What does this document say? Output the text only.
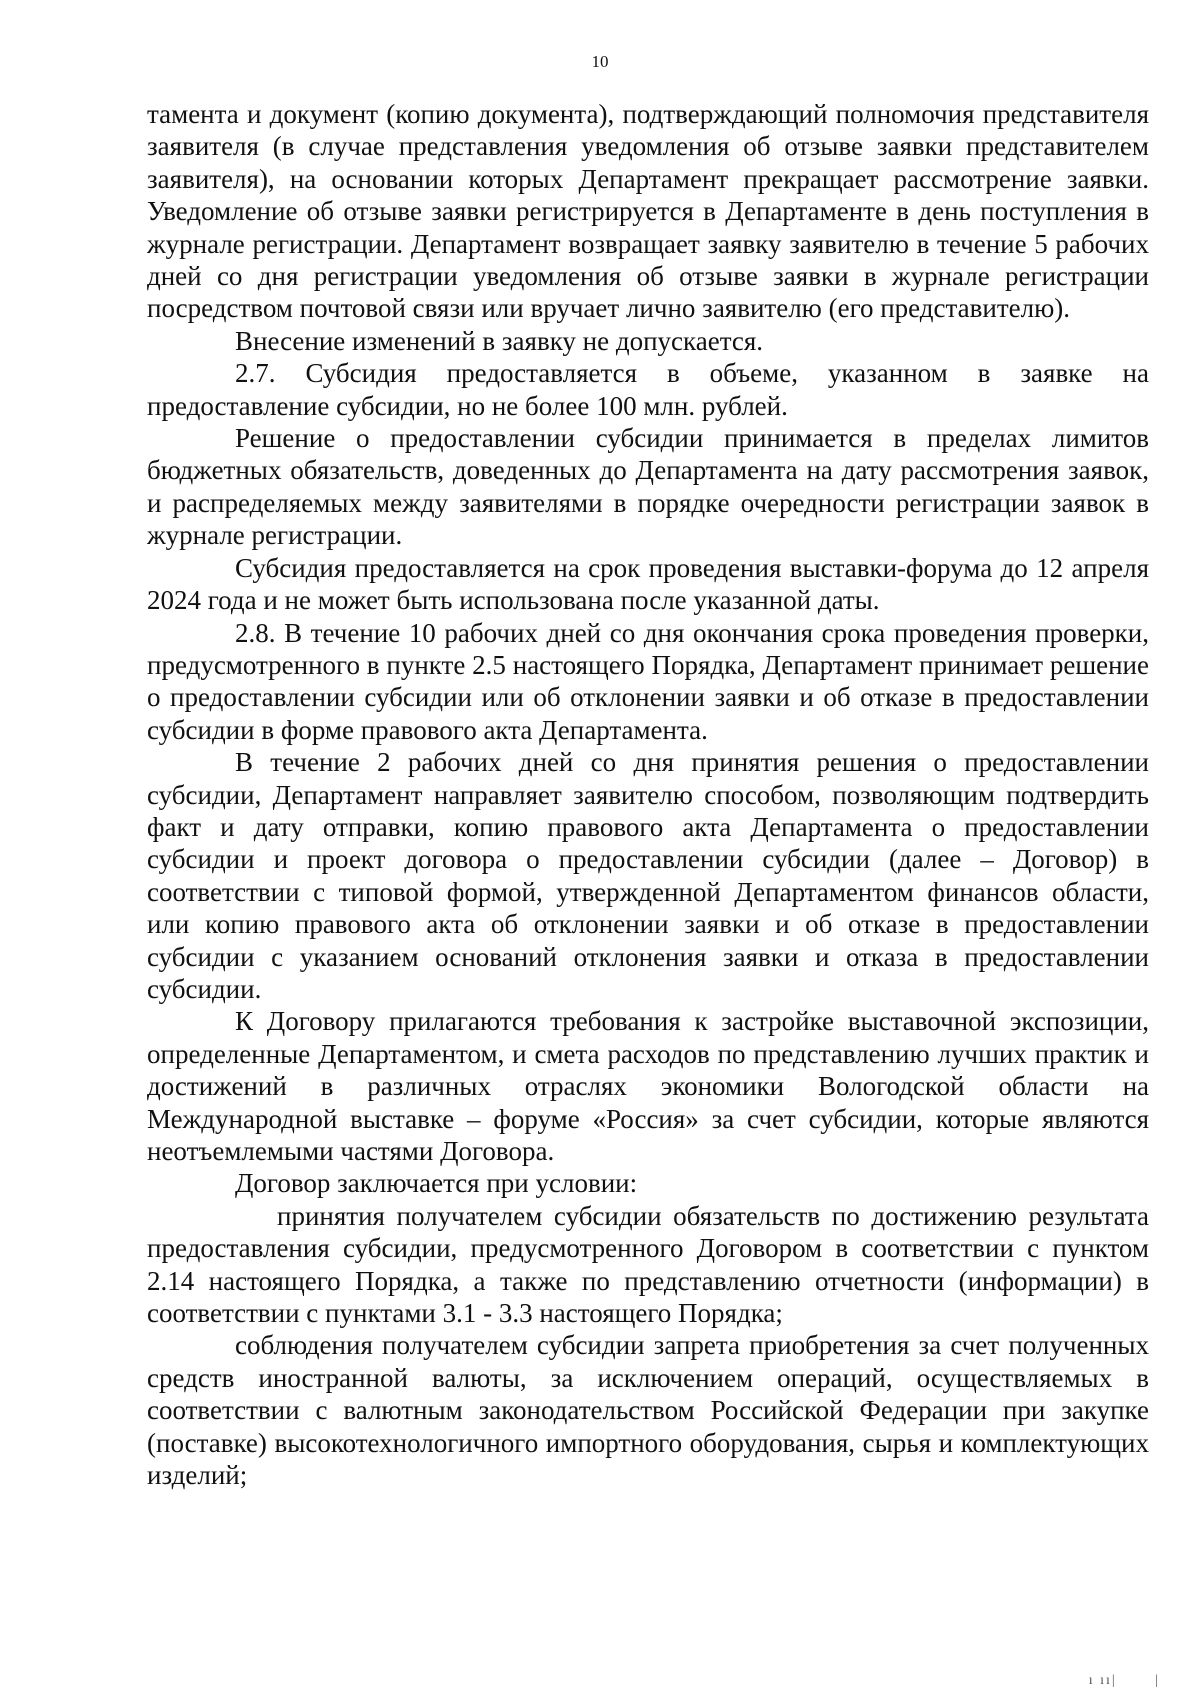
10

тамента и документ (копию документа), подтверждающий полномочия представителя заявителя (в случае представления уведомления об отзыве заявки представителем заявителя), на основании которых Департамент прекращает рассмотрение заявки. Уведомление об отзыве заявки регистрируется в Департаменте в день поступления в журнале регистрации. Департамент возвращает заявку заявителю в течение 5 рабочих дней со дня регистрации уведомления об отзыве заявки в журнале регистрации посредством почтовой связи или вручает лично заявителю (его представителю).

Внесение изменений в заявку не допускается.

2.7. Субсидия предоставляется в объеме, указанном в заявке на предоставление субсидии, но не более 100 млн. рублей.

Решение о предоставлении субсидии принимается в пределах лимитов бюджетных обязательств, доведенных до Департамента на дату рассмотрения заявок, и распределяемых между заявителями в порядке очередности регистрации заявок в журнале регистрации.

Субсидия предоставляется на срок проведения выставки-форума до 12 апреля 2024 года и не может быть использована после указанной даты.

2.8. В течение 10 рабочих дней со дня окончания срока проведения проверки, предусмотренного в пункте 2.5 настоящего Порядка, Департамент принимает решение о предоставлении субсидии или об отклонении заявки и об отказе в предоставлении субсидии в форме правового акта Департамента.

В течение 2 рабочих дней со дня принятия решения о предоставлении субсидии, Департамент направляет заявителю способом, позволяющим подтвердить факт и дату отправки, копию правового акта Департамента о предоставлении субсидии и проект договора о предоставлении субсидии (далее – Договор) в соответствии с типовой формой, утвержденной Департаментом финансов области, или копию правового акта об отклонении заявки и об отказе в предоставлении субсидии с указанием оснований отклонения заявки и отказа в предоставлении субсидии.

К Договору прилагаются требования к застройке выставочной экспозиции, определенные Департаментом, и смета расходов по представлению лучших практик и достижений в различных отраслях экономики Вологодской области на Международной выставке – форуме «Россия» за счет субсидии, которые являются неотъемлемыми частями Договора.

Договор заключается при условии:

принятия получателем субсидии обязательств по достижению результата предоставления субсидии, предусмотренного Договором в соответствии с пунктом 2.14 настоящего Порядка, а также по представлению отчетности (информации) в соответствии с пунктами 3.1 - 3.3 настоящего Порядка;

соблюдения получателем субсидии запрета приобретения за счет полученных средств иностранной валюты, за исключением операций, осуществляемых в соответствии с валютным законодательством Российской Федерации при закупке (поставке) высокотехнологичного импортного оборудования, сырья и комплектующих изделий;

ı ıı|       |
